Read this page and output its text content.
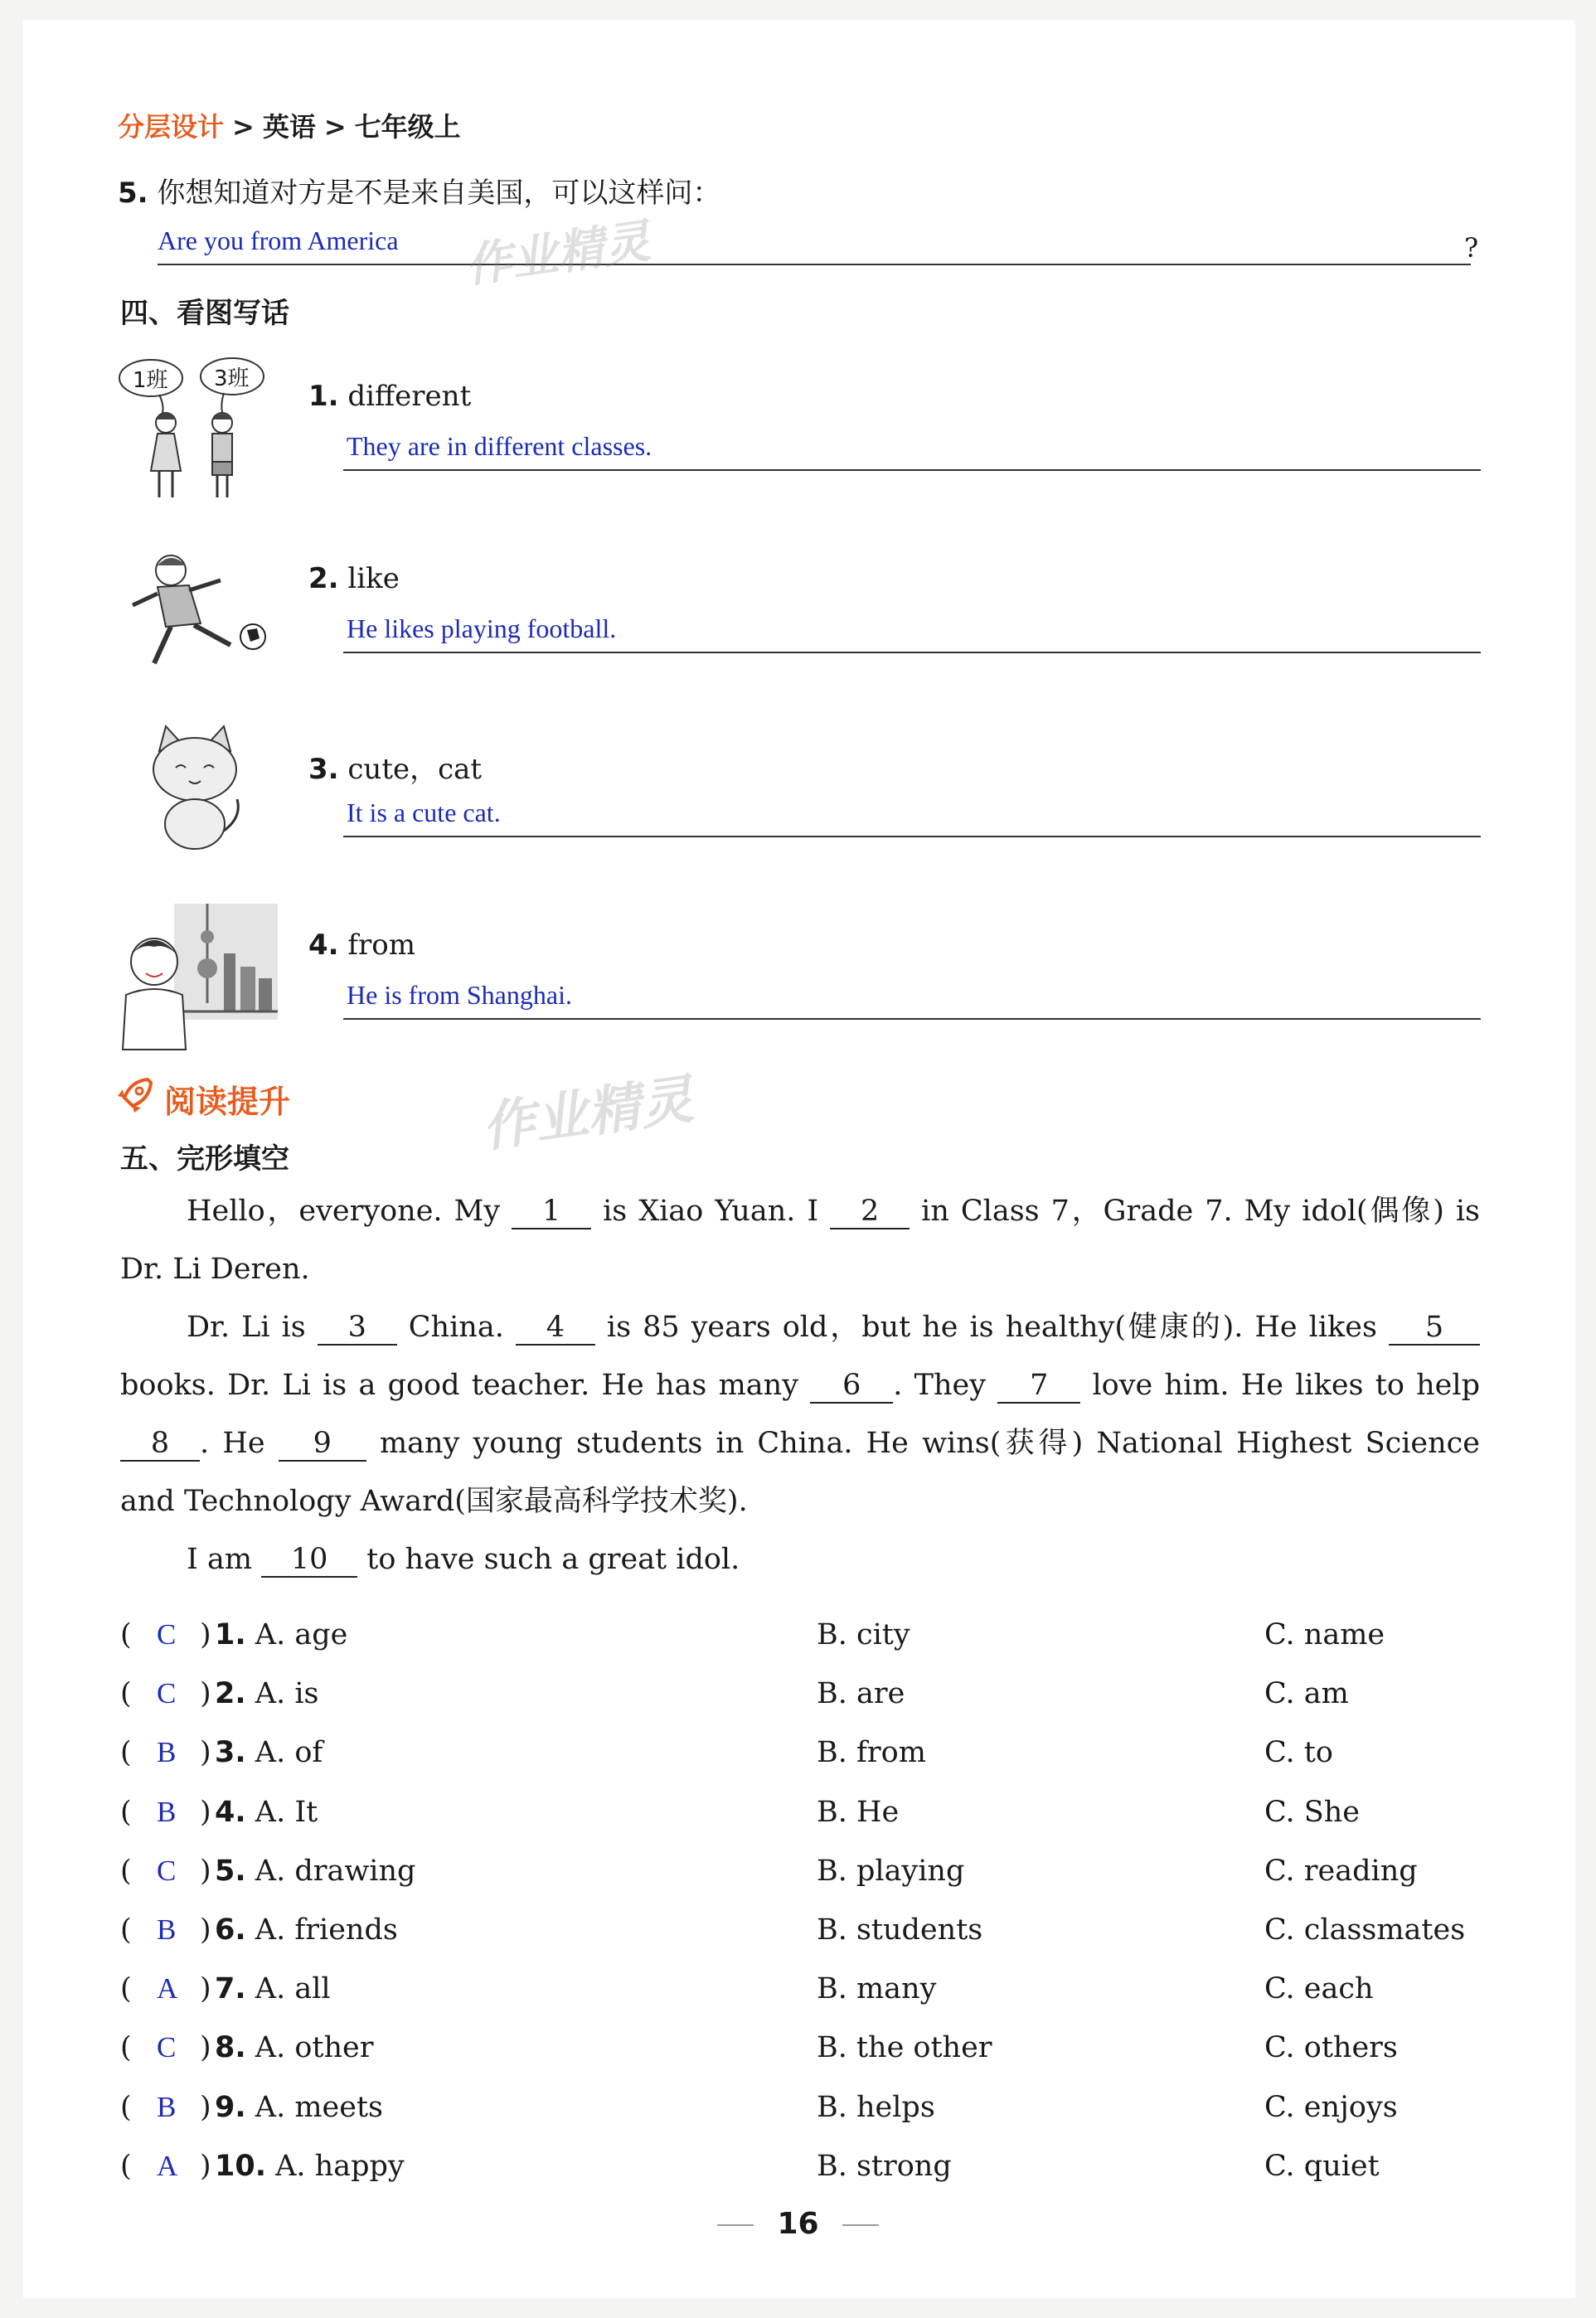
分层设计 > 英语 > 七年级上
5. 你想知道对方是不是来自美国，可以这样问：
Are you from America	?
作业精灵
四、看图写话
1班 3班
1. different
They are in different classes.
2. like
He likes playing football.
3. cute，cat
It is a cute cat.
4. from
He is from Shanghai.
阅读提升	作业精灵
五、完形填空

Hello，everyone. My 1 is Xiao Yuan. I 2 in Class 7，Grade 7. My idol(偶像) is Dr. Li Deren.

Dr. Li is 3 China. 4 is 85 years old，but he is healthy(健康的). He likes 5 books. Dr. Li is a good teacher. He has many 6 . They 7 love him. He likes to help 8 . He 9 many young students in China. He wins(获得) National Highest Science and Technology Award(国家最高科学技术奖).

I am 10 to have such a great idol.

( C ) 1. A. age	B. city	C. name
( C ) 2. A. is	B. are	C. am
( B ) 3. A. of	B. from	C. to
( B ) 4. A. It	B. He	C. She
( C ) 5. A. drawing	B. playing	C. reading
( B ) 6. A. friends	B. students	C. classmates
( A ) 7. A. all	B. many	C. each
( C ) 8. A. other	B. the other	C. others
( B ) 9. A. meets	B. helps	C. enjoys
( A ) 10. A. happy	B. strong	C. quiet
16
